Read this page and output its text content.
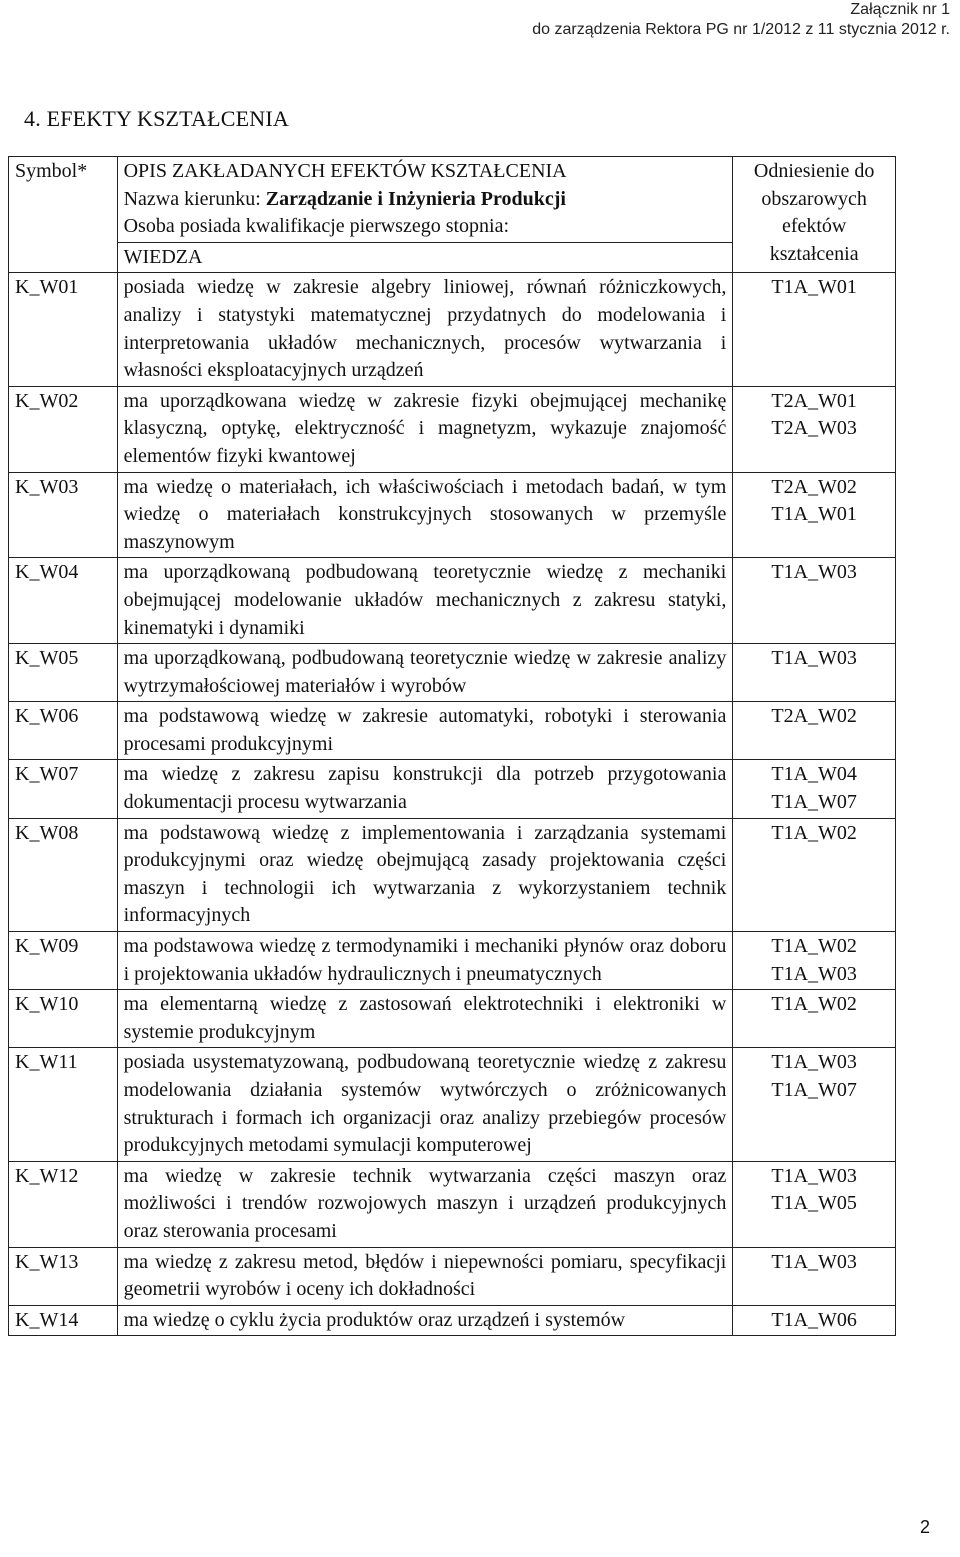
Załącznik nr 1
do zarządzenia Rektora PG nr 1/2012 z 11 stycznia 2012 r.
4. EFEKTY KSZTAŁCENIA
Symbol*	OPIS ZAKŁADANYCH EFEKTÓW KSZTAŁCENIA
Nazwa kierunku: Zarządzanie i Inżynieria Produkcji
Osoba posiada kwalifikacje pierwszego stopnia:	Odniesienie do obszarowych efektów kształcenia

	WIEDZA	
K_W01	posiada wiedzę w zakresie algebry liniowej, równań różniczkowych, analizy i statystyki matematycznej przydatnych do modelowania i interpretowania układów mechanicznych, procesów wytwarzania i własności eksploatacyjnych urządzeń	T1A_W01

K_W02	ma uporządkowana wiedzę w zakresie fizyki obejmującej mechanikę klasyczną, optykę, elektryczność i magnetyzm, wykazuje znajomość elementów fizyki kwantowej	T2A_W01
T2A_W03

K_W03	ma wiedzę o materiałach, ich właściwościach i metodach badań, w tym wiedzę o materiałach konstrukcyjnych stosowanych w przemyśle maszynowym	T2A_W02
T1A_W01

K_W04	ma uporządkowaną podbudowaną teoretycznie wiedzę z mechaniki obejmującej modelowanie układów mechanicznych z zakresu statyki, kinematyki i dynamiki	T1A_W03

K_W05	ma uporządkowaną, podbudowaną teoretycznie wiedzę w zakresie analizy wytrzymałościowej materiałów i wyrobów	T1A_W03

K_W06	ma podstawową wiedzę w zakresie automatyki, robotyki i sterowania procesami produkcyjnymi	T2A_W02

K_W07	ma wiedzę z zakresu zapisu konstrukcji dla potrzeb przygotowania dokumentacji procesu wytwarzania	T1A_W04
T1A_W07

K_W08	ma podstawową wiedzę z implementowania i zarządzania systemami produkcyjnymi oraz wiedzę obejmującą zasady projektowania części maszyn i technologii ich wytwarzania z wykorzystaniem technik informacyjnych	T1A_W02

K_W09	ma podstawowa wiedzę z termodynamiki i mechaniki płynów oraz doboru i projektowania układów hydraulicznych i pneumatycznych	T1A_W02
T1A_W03

K_W10	ma elementarną wiedzę z zastosowań elektrotechniki i elektroniki w systemie produkcyjnym	T1A_W02

K_W11	posiada usystematyzowaną, podbudowaną teoretycznie wiedzę z zakresu modelowania działania systemów wytwórczych o zróżnicowanych strukturach i formach ich organizacji oraz analizy przebiegów procesów produkcyjnych metodami symulacji komputerowej	T1A_W03
T1A_W07

K_W12	ma wiedzę w zakresie technik wytwarzania części maszyn oraz możliwości i trendów rozwojowych maszyn i urządzeń produkcyjnych oraz sterowania procesami	T1A_W03
T1A_W05

K_W13	ma wiedzę z zakresu metod, błędów i niepewności pomiaru, specyfikacji geometrii wyrobów i oceny ich dokładności	T1A_W03

K_W14	ma wiedzę o cyklu życia produktów oraz urządzeń i systemów	T1A_W06
2
